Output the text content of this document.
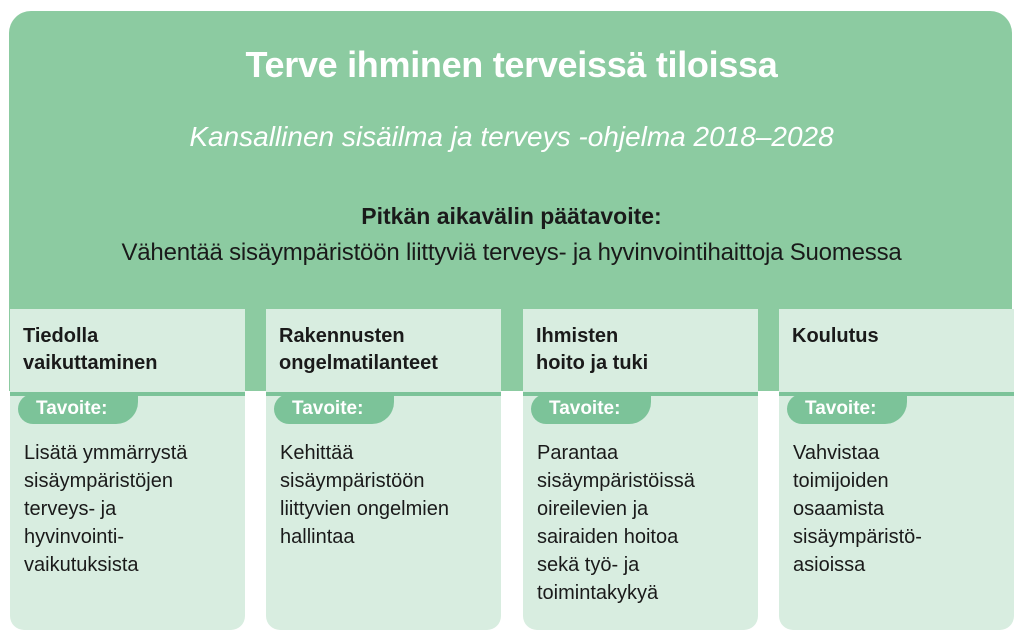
Terve ihminen terveissä tiloissa
Kansallinen sisäilma ja terveys -ohjelma 2018–2028
Pitkän aikavälin päätavoite:
Vähentää sisäympäristöön liittyviä terveys- ja hyvinvointihaittoja Suomessa
Tiedolla
vaikuttaminen
Tavoite:
Lisätä ymmärrystä
sisäympäristöjen
terveys- ja
hyvinvointi-
vaikutuksista
Rakennusten
ongelmatilanteet
Tavoite:
Kehittää
sisäympäristöön
liittyvien ongelmien
hallintaa
Ihmisten
hoito ja tuki
Tavoite:
Parantaa
sisäympäristöissä
oireilevien ja
sairaiden hoitoa
sekä työ- ja
toimintakykyä
Koulutus
Tavoite:
Vahvistaa
toimijoiden
osaamista
sisäympäristö-
asioissa
